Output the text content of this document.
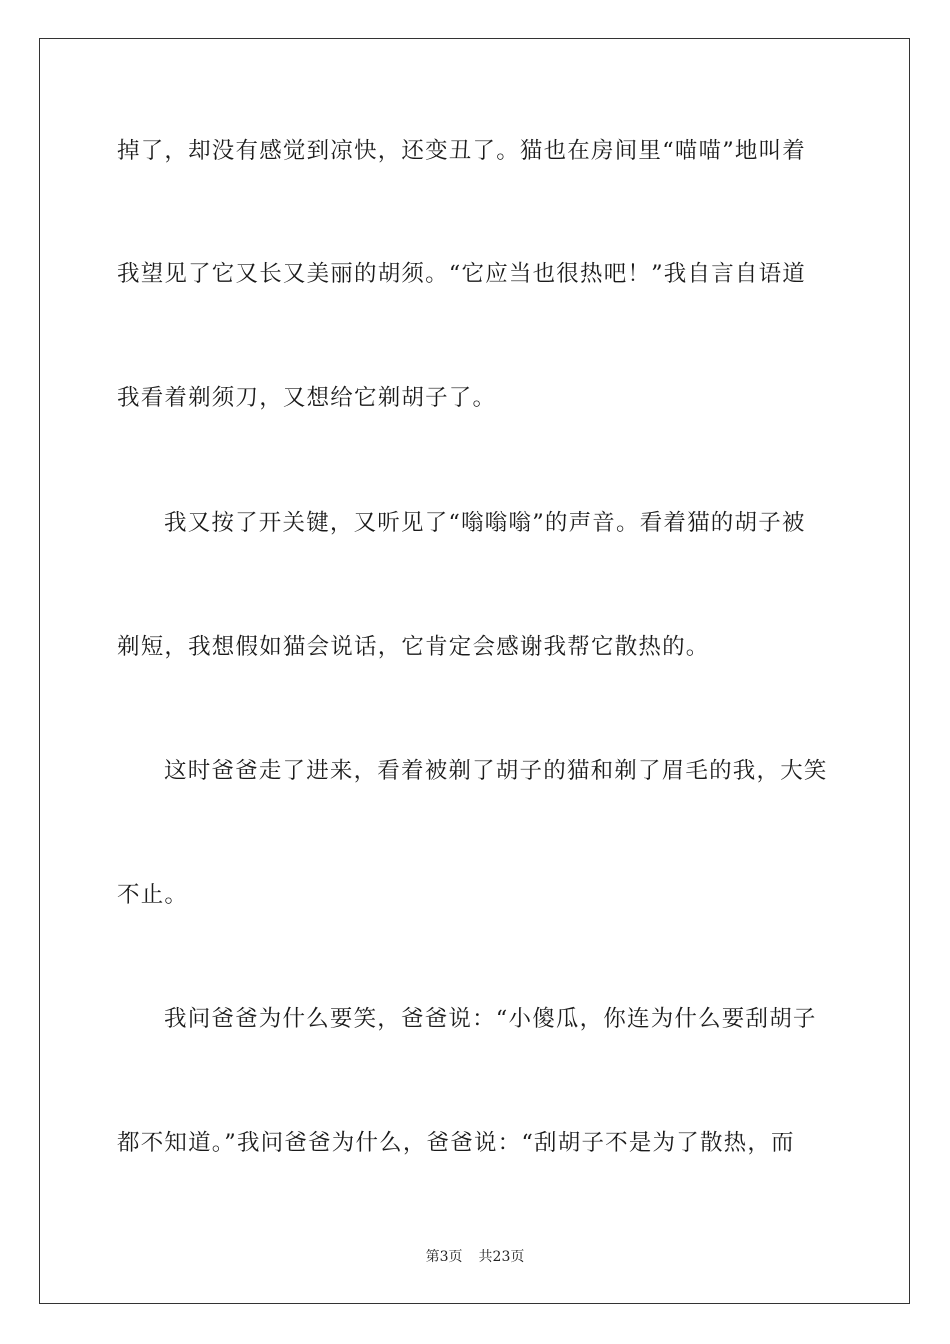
掉了，却没有感觉到凉快，还变丑了。猫也在房间里“喵喵”地叫着
我望见了它又长又美丽的胡须。“它应当也很热吧！”我自言自语道
我看着剃须刀，又想给它剃胡子了。
我又按了开关键，又听见了“嗡嗡嗡”的声音。看着猫的胡子被
剃短，我想假如猫会说话，它肯定会感谢我帮它散热的。
这时爸爸走了进来，看着被剃了胡子的猫和剃了眉毛的我，大笑
不止。
我问爸爸为什么要笑，爸爸说：“小傻瓜，你连为什么要刮胡子
都不知道。”我问爸爸为什么，爸爸说：“刮胡子不是为了散热，而
第3页 共23页
